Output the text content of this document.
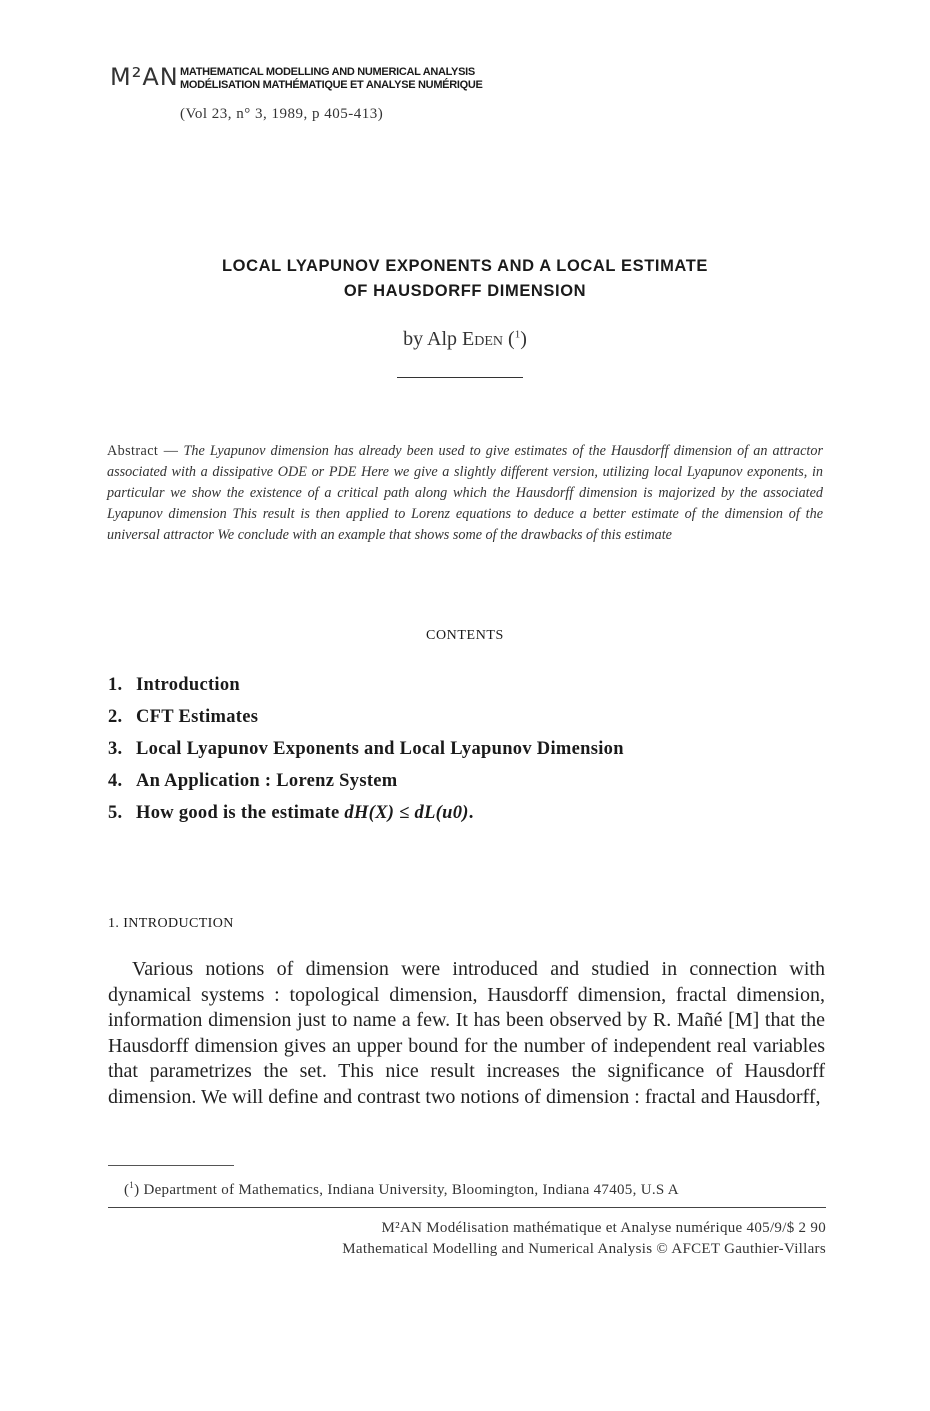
M²AN MATHEMATICAL MODELLING AND NUMERICAL ANALYSIS
MODÉLISATION MATHÉMATIQUE ET ANALYSE NUMÉRIQUE
(Vol 23, n° 3, 1989, p 405-413)
LOCAL LYAPUNOV EXPONENTS AND A LOCAL ESTIMATE
OF HAUSDORFF DIMENSION
by Alp Eden ($^1$)
Abstract — The Lyapunov dimension has already been used to give estimates of the Hausdorff dimension of an attractor associated with a dissipative ODE or PDE Here we give a slightly different version, utilizing local Lyapunov exponents, in particular we show the existence of a critical path along which the Hausdorff dimension is majorized by the associated Lyapunov dimension This result is then applied to Lorenz equations to deduce a better estimate of the dimension of the universal attractor We conclude with an example that shows some of the drawbacks of this estimate
CONTENTS
1. Introduction
2. CFT Estimates
3. Local Lyapunov Exponents and Local Lyapunov Dimension
4. An Application : Lorenz System
5. How good is the estimate dH(X) ≤ dL(u0).
1. INTRODUCTION
Various notions of dimension were introduced and studied in connection with dynamical systems : topological dimension, Hausdorff dimension, fractal dimension, information dimension just to name a few. It has been observed by R. Mañé [M] that the Hausdorff dimension gives an upper bound for the number of independent real variables that parametrizes the set. This nice result increases the significance of Hausdorff dimension. We will define and contrast two notions of dimension : fractal and Hausdorff,
($^1$) Department of Mathematics, Indiana University, Bloomington, Indiana 47405, U.S A
M²AN Modélisation mathématique et Analyse numérique 405/9/$ 2 90
Mathematical Modelling and Numerical Analysis © AFCET Gauthier-Villars
